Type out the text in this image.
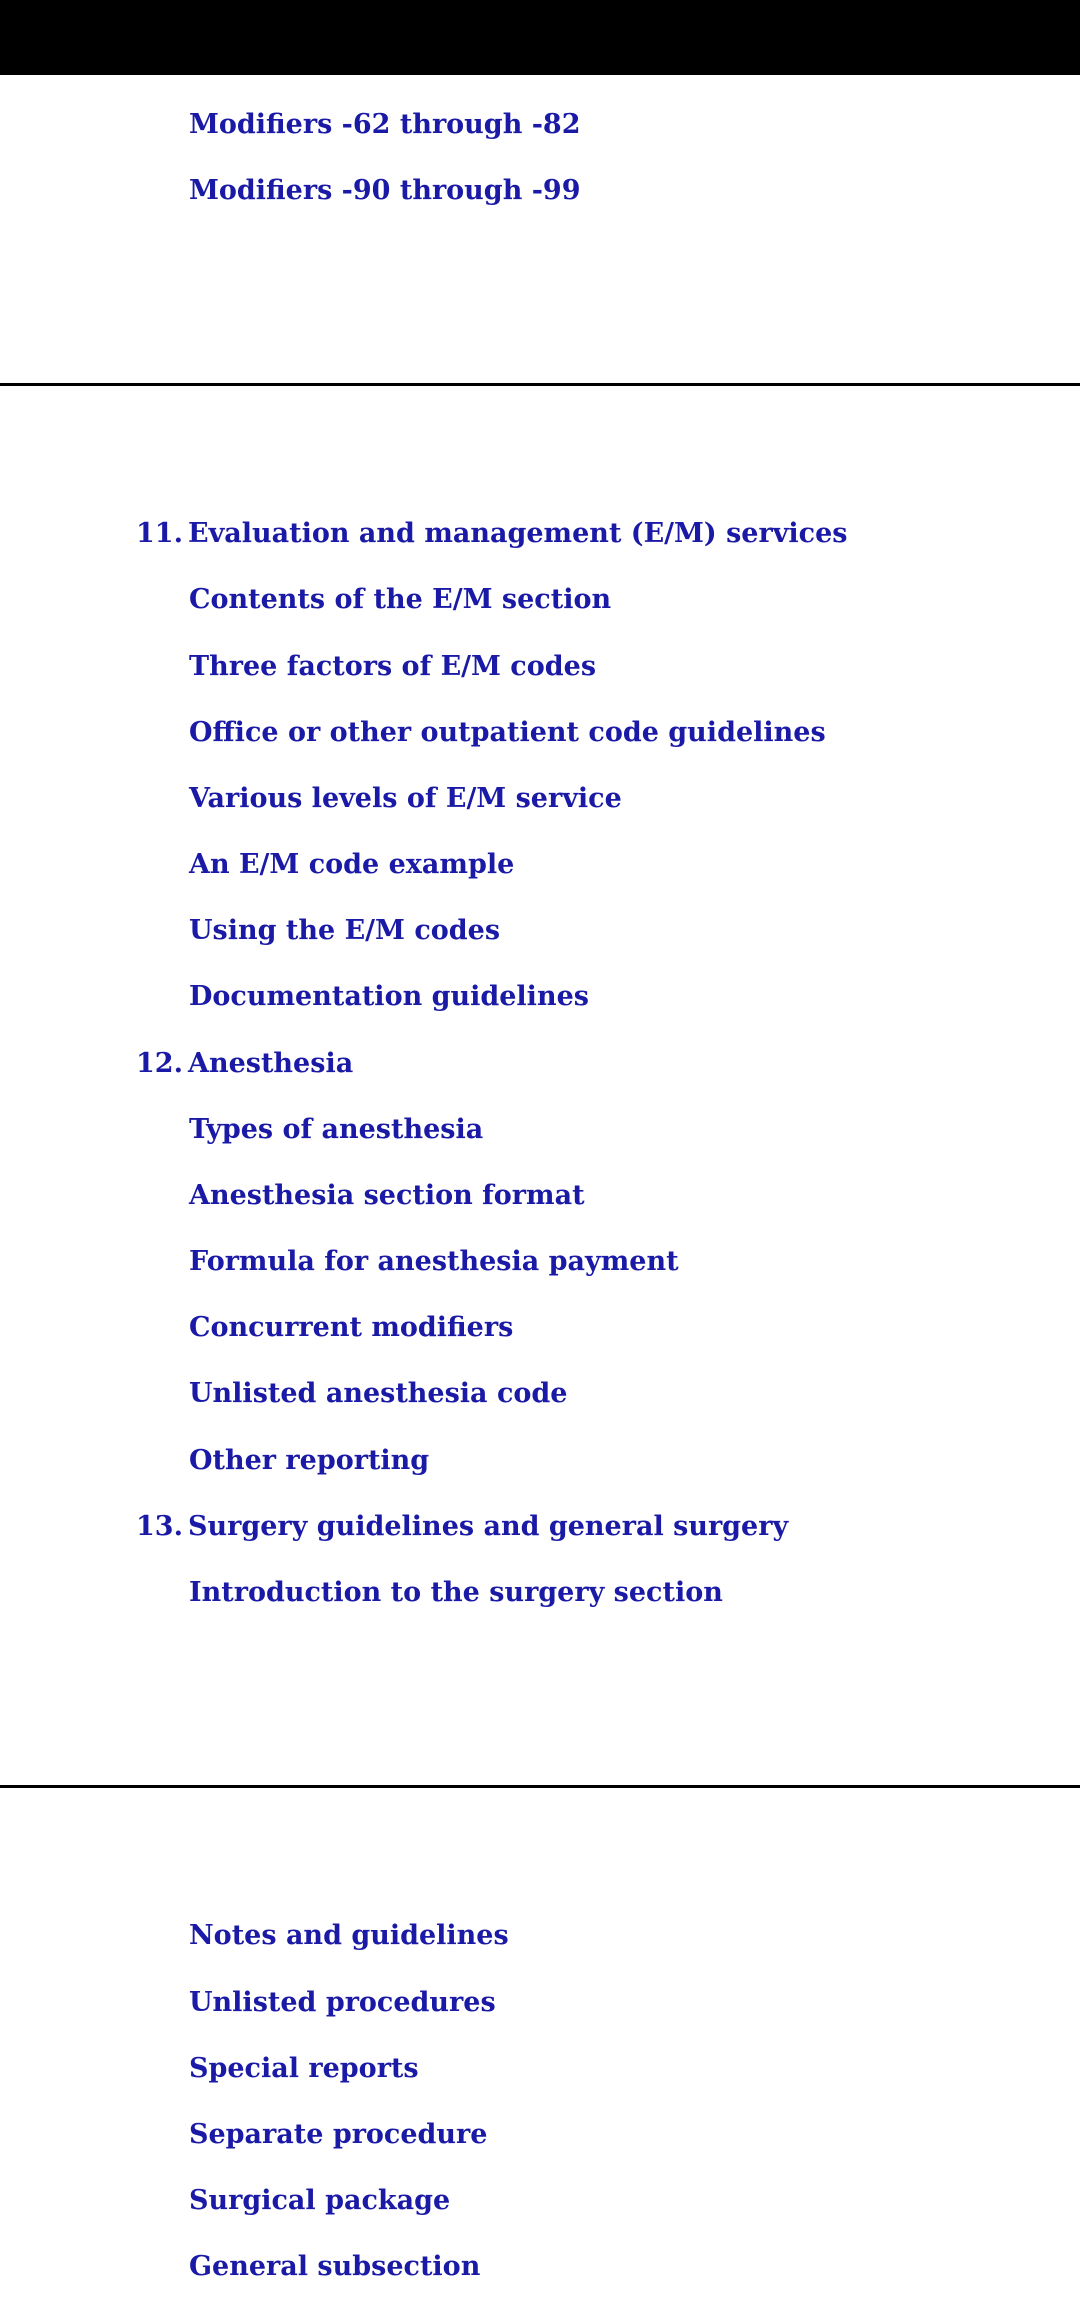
Modifiers -62 through -82
Modifiers -90 through -99
11. Evaluation and management (E/M) services
Contents of the E/M section
Three factors of E/M codes
Office or other outpatient code guidelines
Various levels of E/M service
An E/M code example
Using the E/M codes
Documentation guidelines
12. Anesthesia
Types of anesthesia
Anesthesia section format
Formula for anesthesia payment
Concurrent modifiers
Unlisted anesthesia code
Other reporting
13. Surgery guidelines and general surgery
Introduction to the surgery section
Notes and guidelines
Unlisted procedures
Special reports
Separate procedure
Surgical package
General subsection
